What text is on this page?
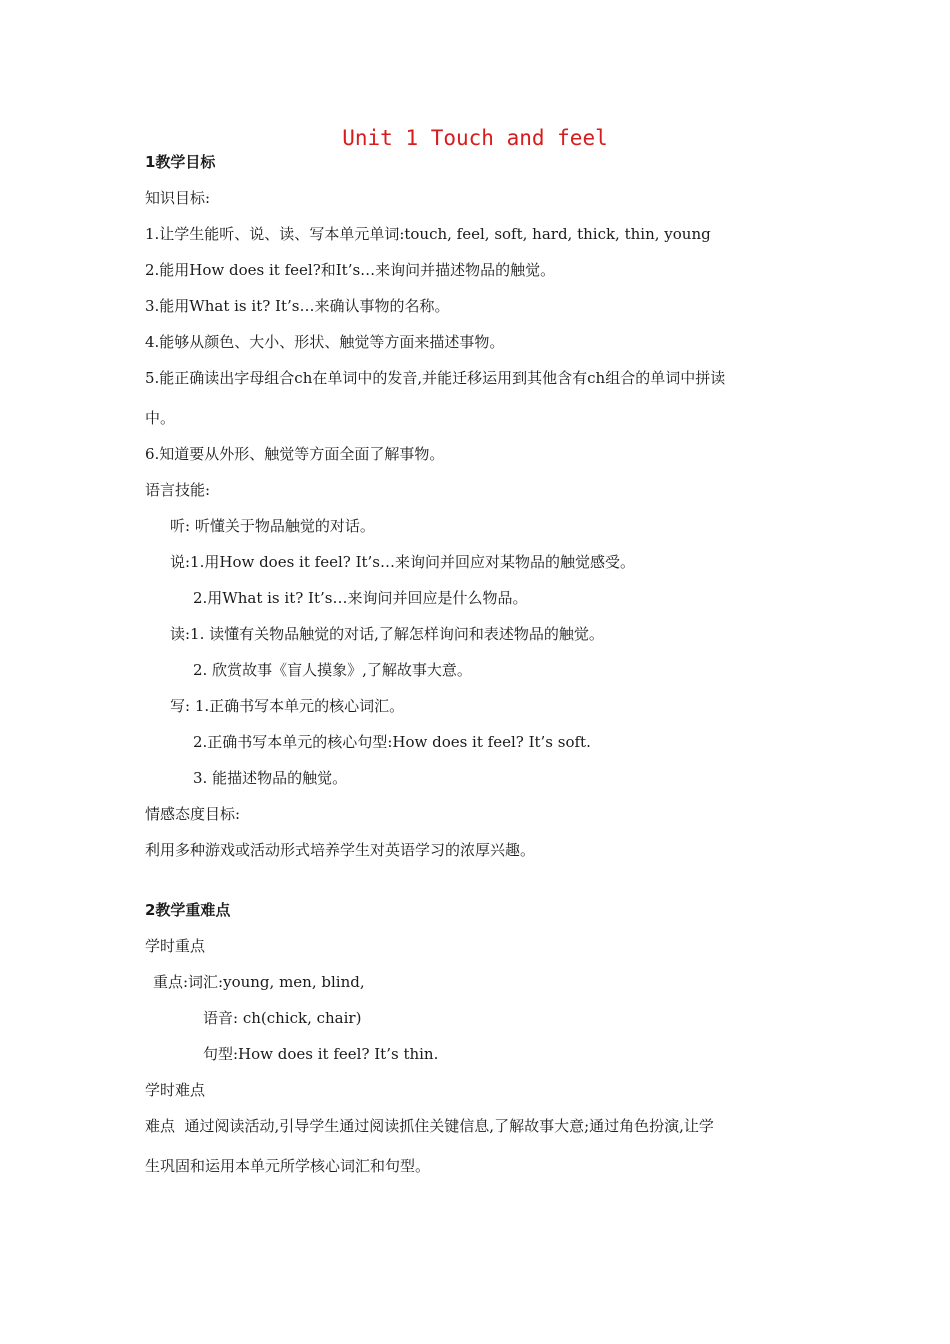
Unit 1 Touch and feel
1教学目标
知识目标:
1.让学生能听、说、读、写本单元单词:touch, feel, soft, hard, thick, thin, young
2.能用How does it feel?和It’s…来询问并描述物品的触觉。
3.能用What is it? It’s…来确认事物的名称。
4.能够从颜色、大小、形状、触觉等方面来描述事物。
5.能正确读出字母组合ch在单词中的发音,并能迁移运用到其他含有ch组合的单词中拼读
中。
6.知道要从外形、触觉等方面全面了解事物。
语言技能:
听: 听懂关于物品触觉的对话。
说:1.用How does it feel? It’s…来询问并回应对某物品的触觉感受。
2.用What is it? It’s…来询问并回应是什么物品。
读:1. 读懂有关物品触觉的对话,了解怎样询问和表述物品的触觉。
2. 欣赏故事《盲人摸象》,了解故事大意。
写: 1.正确书写本单元的核心词汇。
2.正确书写本单元的核心句型:How does it feel? It’s soft.
3. 能描述物品的触觉。
情感态度目标:
利用多种游戏或活动形式培养学生对英语学习的浓厚兴趣。
2教学重难点
学时重点
重点:词汇:young, men, blind,
语音: ch(chick, chair)
句型:How does it feel? It’s thin.
学时难点
难点  通过阅读活动,引导学生通过阅读抓住关键信息,了解故事大意;通过角色扮演,让学
生巩固和运用本单元所学核心词汇和句型。
